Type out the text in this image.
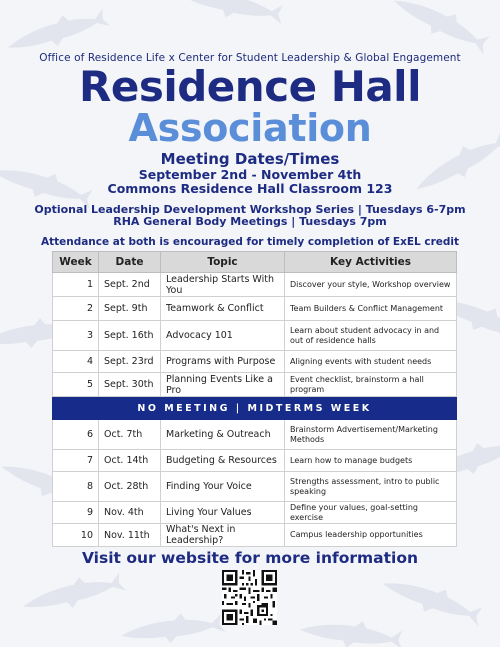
Office of Residence Life x Center for Student Leadership & Global Engagement
Residence Hall
Association
Meeting Dates/Times
September 2nd - November 4th
Commons Residence Hall Classroom 123
Optional Leadership Development Workshop Series | Tuesdays 6-7pm
RHA General Body Meetings | Tuesdays 7pm
Attendance at both is encouraged for timely completion of ExEL credit
Week	Date	Topic	Key Activities
1	Sept. 2nd	Leadership Starts With You	Discover your style, Workshop overview
2	Sept. 9th	Teamwork & Conflict	Team Builders & Conflict Management
3	Sept. 16th	Advocacy 101	Learn about student advocacy in and out of residence halls
4	Sept. 23rd	Programs with Purpose	Aligning events with student needs
5	Sept. 30th	Planning Events Like a Pro	Event checklist, brainstorm a hall program
NO MEETING | MIDTERMS WEEK			
6	Oct. 7th	Marketing & Outreach	Brainstorm Advertisement/Marketing Methods
7	Oct. 14th	Budgeting & Resources	Learn how to manage budgets
8	Oct. 28th	Finding Your Voice	Strengths assessment, intro to public speaking
9	Nov. 4th	Living Your Values	Define your values, goal-setting exercise
10	Nov. 11th	What's Next in Leadership?	Campus leadership opportunities
Visit our website for more information
